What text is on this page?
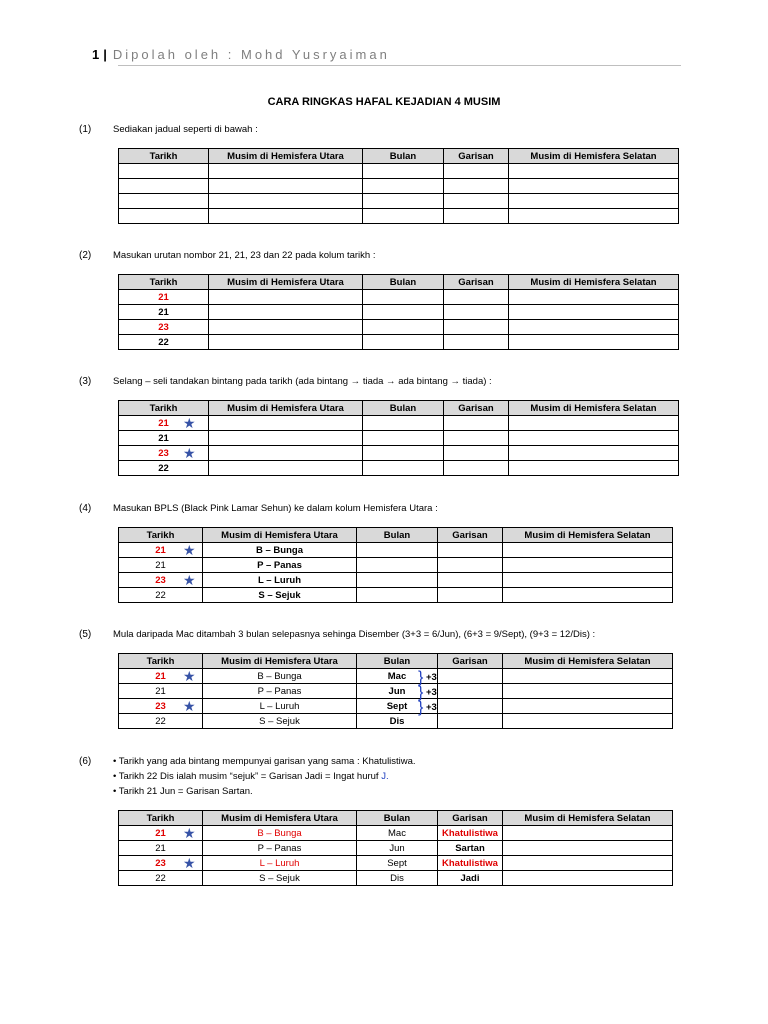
1 | Dipolah oleh : Mohd Yusryaiman
CARA RINGKAS HAFAL KEJADIAN 4 MUSIM
(1) Sediakan jadual seperti di bawah :
Tarikh	Musim di Hemisfera Utara	Bulan	Garisan	Musim di Hemisfera Selatan

(2) Masukan urutan nombor 21, 21, 23 dan 22 pada kolum tarikh :
Tarikh	Musim di Hemisfera Utara	Bulan	Garisan	Musim di Hemisfera Selatan
21				
21				
23				
22				
(3) Selang – seli tandakan bintang pada tarikh (ada bintang → tiada → ada bintang → tiada) :
Tarikh	Musim di Hemisfera Utara	Bulan	Garisan	Musim di Hemisfera Selatan
21 ★				

21				
23 ★				

22				
(4) Masukan BPLS (Black Pink Lamar Sehun) ke dalam kolum Hemisfera Utara :
Tarikh	Musim di Hemisfera Utara	Bulan	Garisan	Musim di Hemisfera Selatan
21 ★	B – Bunga			
21	P – Panas			
23 ★	L – Luruh			
22	S – Sejuk			
(5) Mula daripada Mac ditambah 3 bulan selepasnya sehinga Disember (3+3 = 6/Jun), (6+3 = 9/Sept), (9+3 = 12/Dis) :
Tarikh	Musim di Hemisfera Utara	Bulan	Garisan	Musim di Hemisfera Selatan
21 ★	B – Bunga	Mac		
21	P – Panas	Jun		
23 ★	L – Luruh	Sept		
22	S – Sejuk	Dis		
} +3
} +3
} +3
(6) • Tarikh yang ada bintang mempunyai garisan yang sama : Khatulistiwa.
• Tarikh 22 Dis ialah musim “sejuk” = Garisan Jadi = Ingat huruf J.
• Tarikh 21 Jun = Garisan Sartan.
Tarikh	Musim di Hemisfera Utara	Bulan	Garisan	Musim di Hemisfera Selatan
21 ★	B – Bunga	Mac	Khatulistiwa	
21	P – Panas	Jun	Sartan	
23 ★	L – Luruh	Sept	Khatulistiwa	
22	S – Sejuk	Dis	Jadi	
